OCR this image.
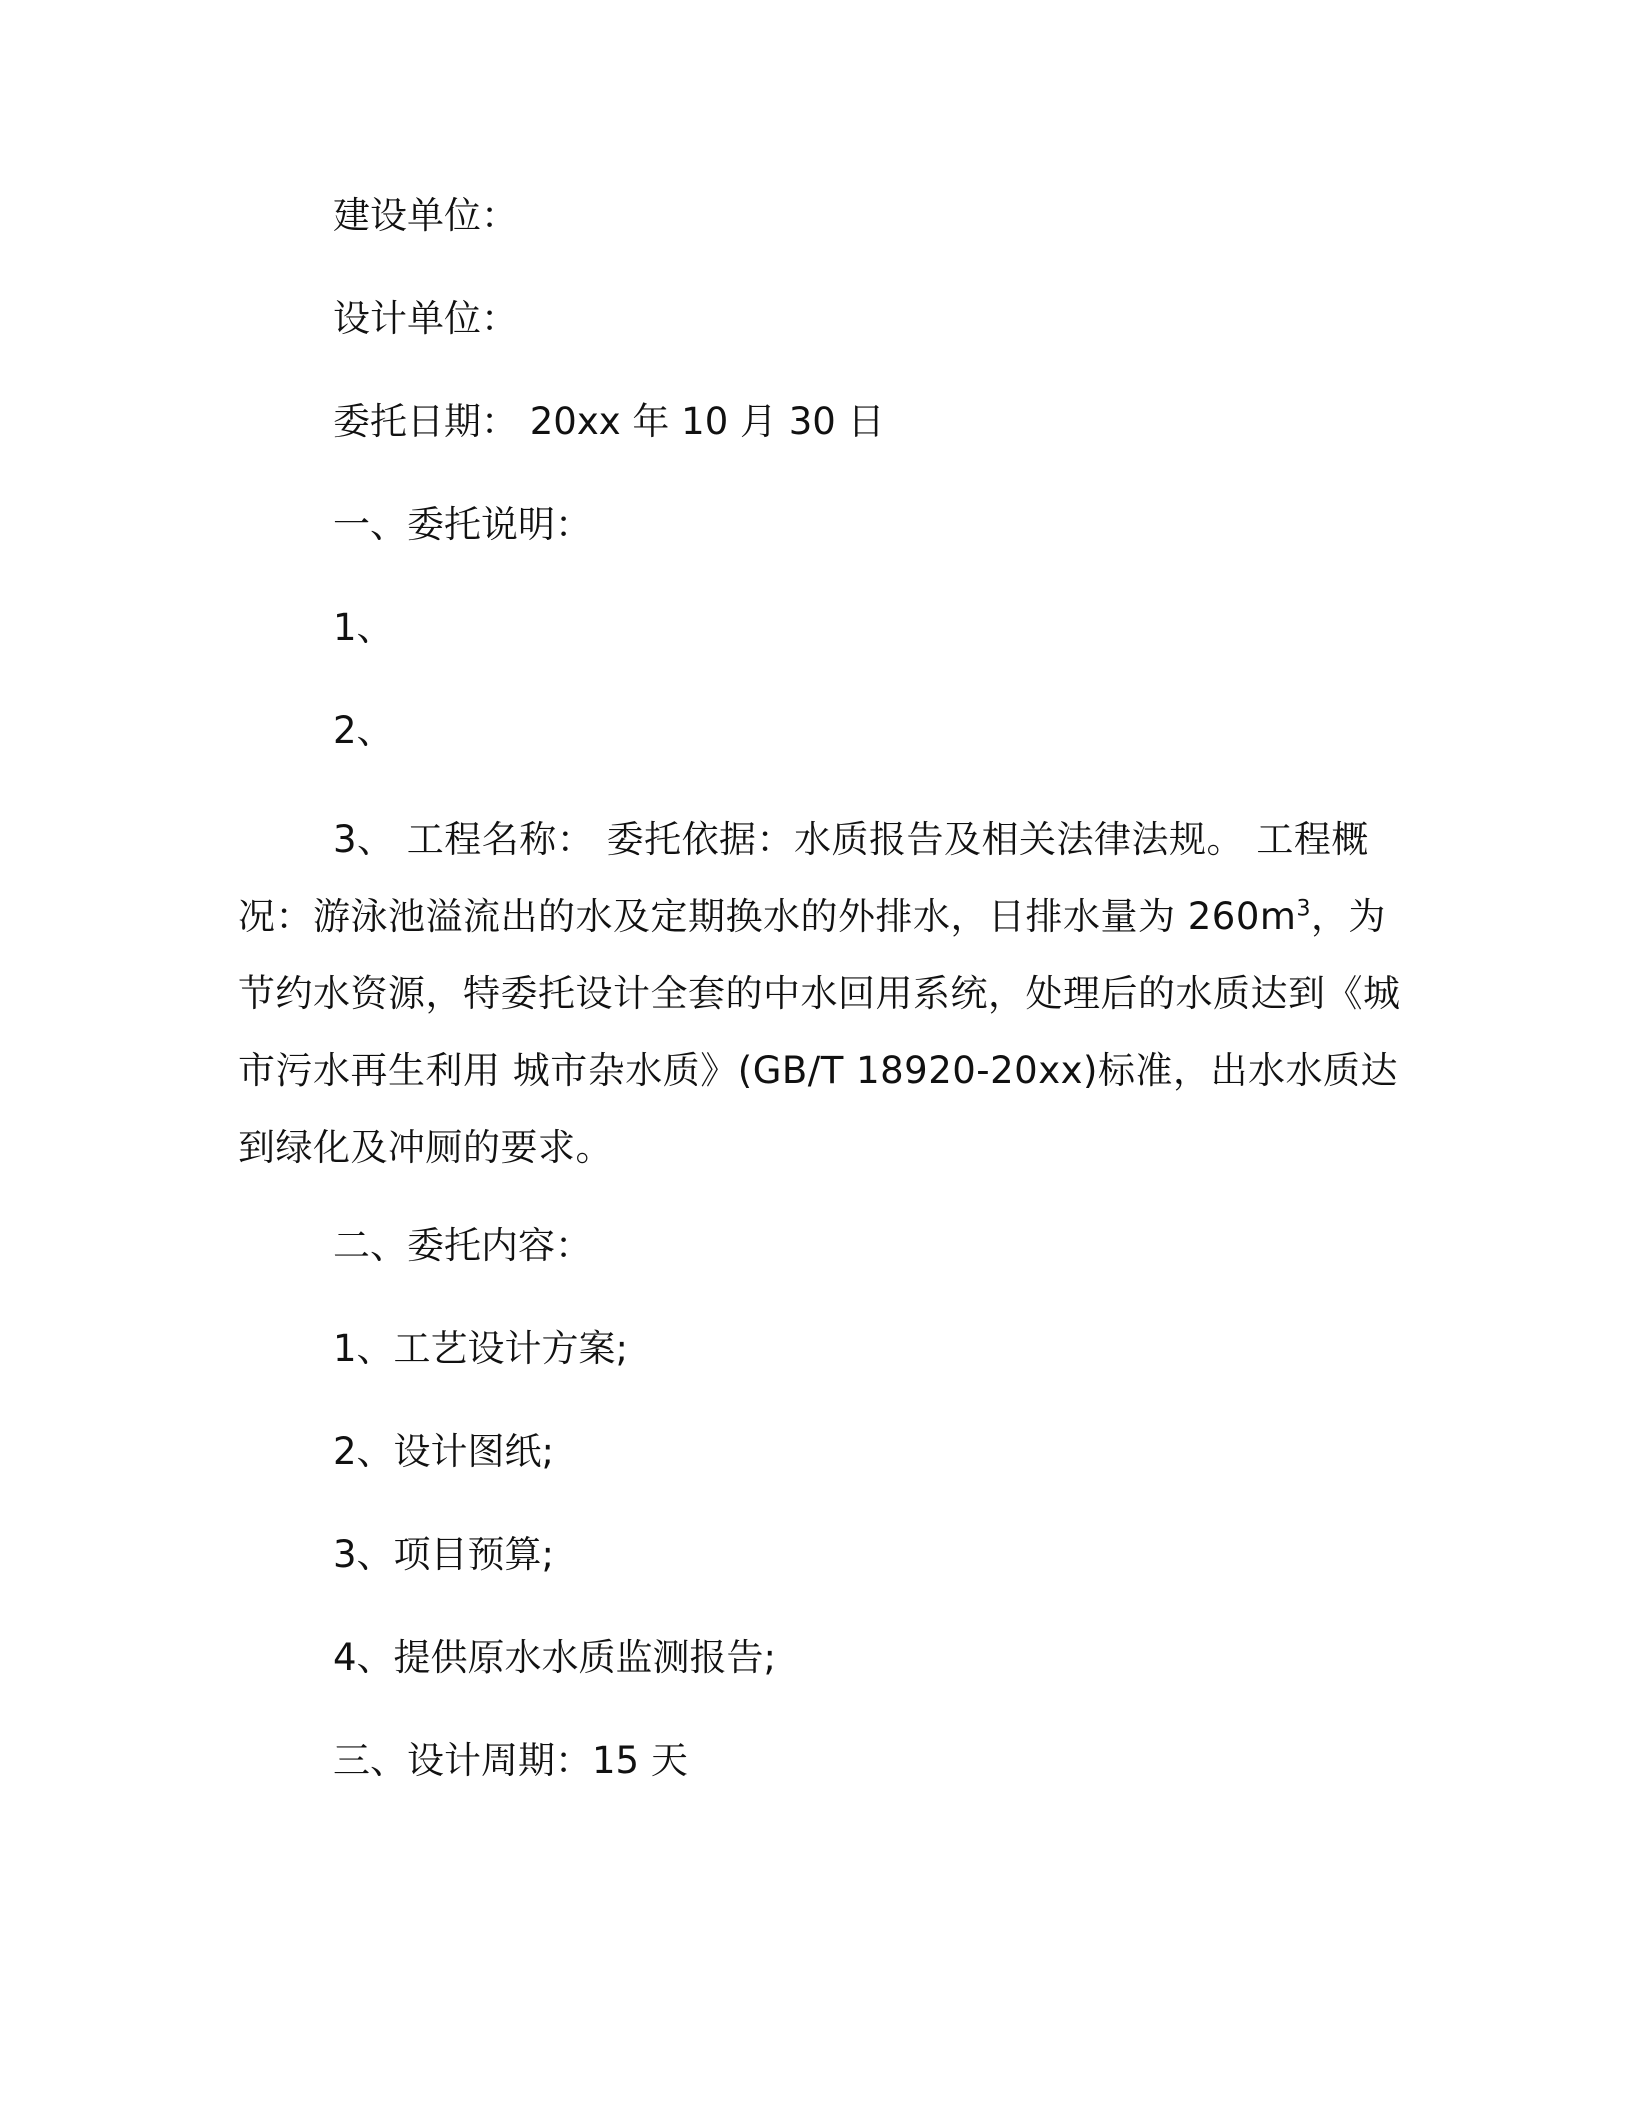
建设单位：

设计单位：

委托日期： 20xx 年 10 月 30 日

一、委托说明：

1、

2、

3、 工程名称： 委托依据：水质报告及相关法律法规。 工程概况：游泳池溢流出的水及定期换水的外排水，日排水量为 $260m^3$，为节约水资源，特委托设计全套的中水回用系统，处理后的水质达到《城市污水再生利用 城市杂水质》(GB/T 18920-20xx)标准，出水水质达到绿化及冲厕的要求。

二、委托内容：

1、工艺设计方案;

2、设计图纸;

3、项目预算;

4、提供原水水质监测报告;

三、设计周期：15 天
